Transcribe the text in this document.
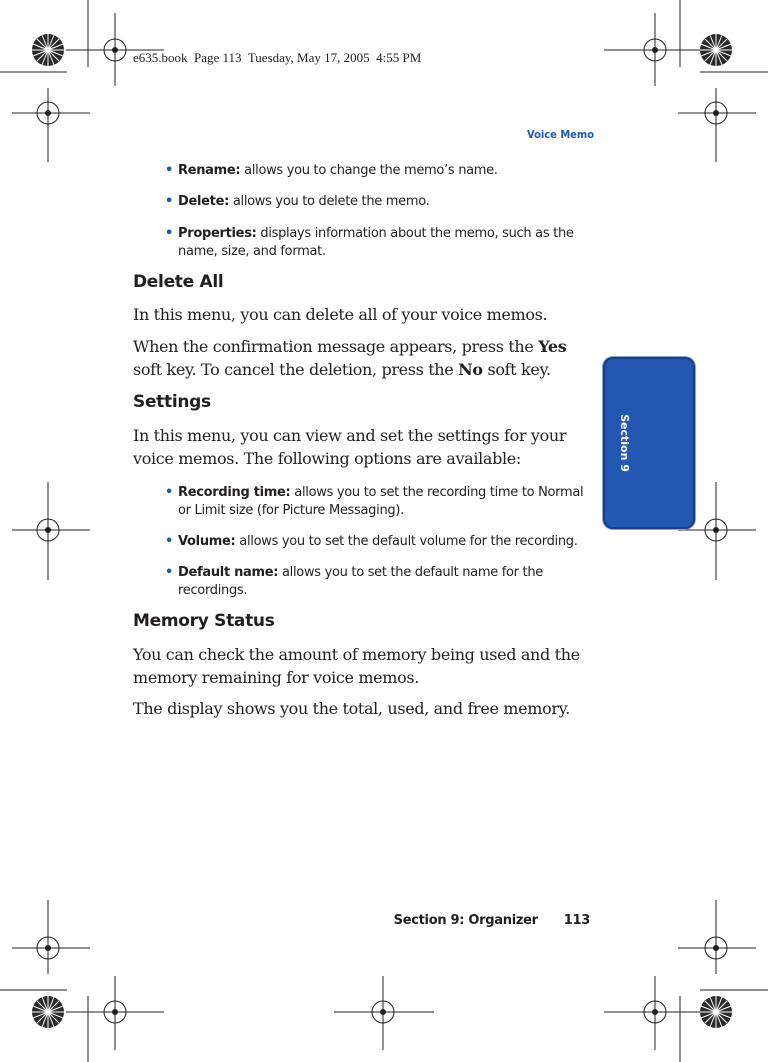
e635.book  Page 113  Tuesday, May 17, 2005  4:55 PM
Voice Memo
• Rename: allows you to change the memo’s name.
• Delete: allows you to delete the memo.
• Properties: displays information about the memo, such as the name, size, and format.
Delete All
In this menu, you can delete all of your voice memos.
When the confirmation message appears, press the Yes soft key. To cancel the deletion, press the No soft key.
Settings
In this menu, you can view and set the settings for your voice memos. The following options are available:
• Recording time: allows you to set the recording time to Normal or Limit size (for Picture Messaging).
• Volume: allows you to set the default volume for the recording.
• Default name: allows you to set the default name for the recordings.
Memory Status
You can check the amount of memory being used and the memory remaining for voice memos.
The display shows you the total, used, and free memory.
Section 9
Section 9: Organizer 113
